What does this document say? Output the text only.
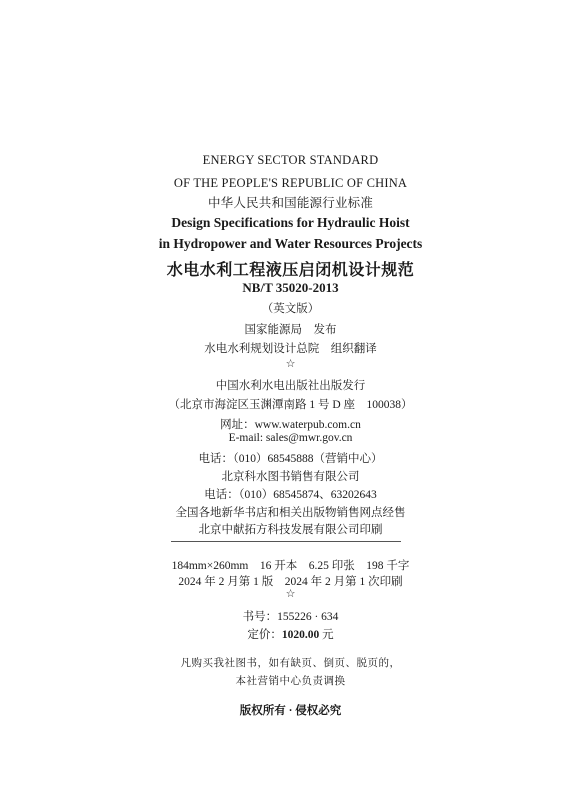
ENERGY SECTOR STANDARD
OF THE PEOPLE'S REPUBLIC OF CHINA
中华人民共和国能源行业标准
Design Specifications for Hydraulic Hoist
in Hydropower and Water Resources Projects
水电水利工程液压启闭机设计规范
NB/T 35020-2013
（英文版）
国家能源局　发布
水电水利规划设计总院　组织翻译
☆
中国水利水电出版社出版发行
（北京市海淀区玉渊潭南路 1 号 D 座　100038）
网址：www.waterpub.com.cn
E-mail: sales@mwr.gov.cn
电话：（010）68545888（营销中心）
北京科水图书销售有限公司
电话：（010）68545874、63202643
全国各地新华书店和相关出版物销售网点经售
北京中献拓方科技发展有限公司印刷
184mm×260mm　16 开本　6.25 印张　198 千字
2024 年 2 月第 1 版　2024 年 2 月第 1 次印刷
☆
书号：155226 · 634
定价：1020.00 元
凡购买我社图书，如有缺页、倒页、脱页的，
本社营销中心负责调换
版权所有 · 侵权必究
